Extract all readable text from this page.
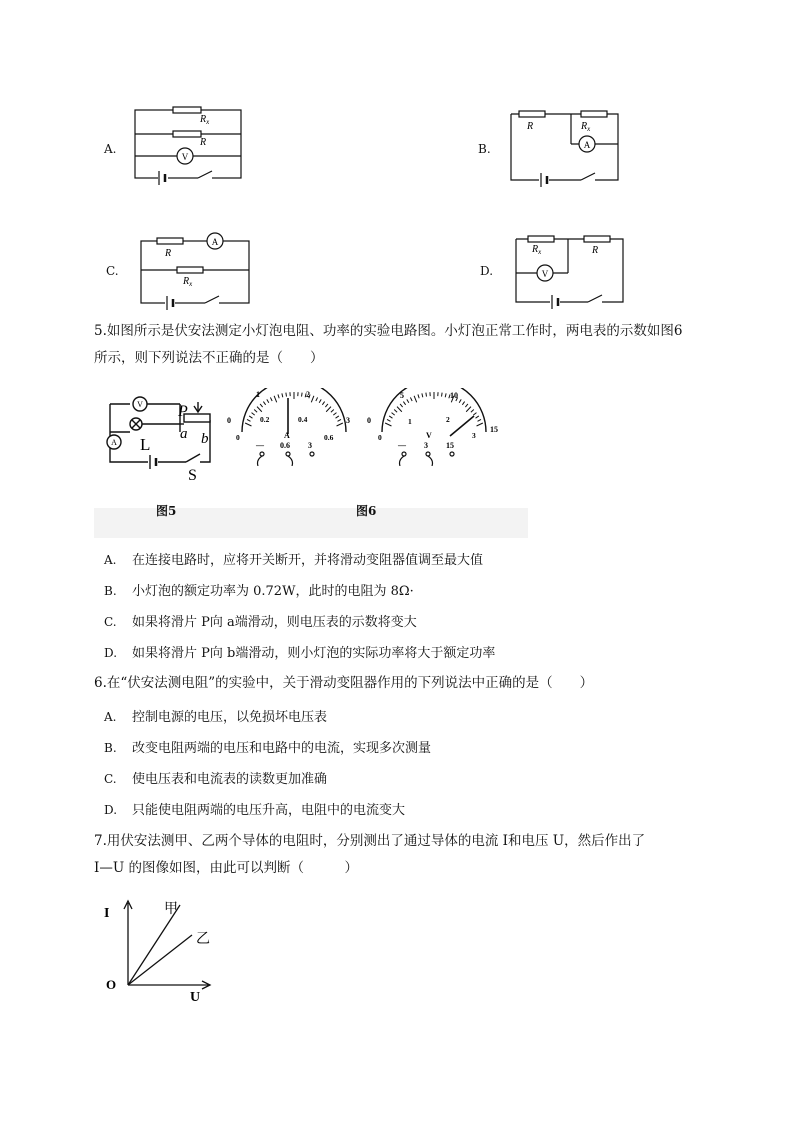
A.
$R_x$
R
V
B.
R	$R_x$
A
C.
R
A
$R_x$
D.
$R_x$	R
V
5.如图所示是伏安法测定小灯泡电阻、功率的实验电路图。小灯泡正常工作时，两电表的示数如图6
所示，则下列说法不正确的是（　　）
V
A
P
L
a b
S
0
1	2
3
0
0.2	0.4
0.6
A
— 0.6 3
0
5	10
15
0
1	2
3
V
— 3 15
图5	图6
A. 在连接电路时，应将开关断开，并将滑动变阻器值调至最大值
B. 小灯泡的额定功率为 0.72W，此时的电阻为 8Ω·
C. 如果将滑片 P向 a端滑动，则电压表的示数将变大
D. 如果将滑片 P向 b端滑动，则小灯泡的实际功率将大于额定功率
6.在“伏安法测电阻”的实验中，关于滑动变阻器作用的下列说法中正确的是（　　）
A. 控制电源的电压，以免损坏电压表
B. 改变电阻两端的电压和电路中的电流，实现多次测量
C. 使电压表和电流表的读数更加准确
D. 只能使电阻两端的电压升高，电阻中的电流变大
7.用伏安法测甲、乙两个导体的电阻时，分别测出了通过导体的电流 I和电压 U，然后作出了
I—U 的图像如图，由此可以判断（　　　）
I
U
O
甲
乙
